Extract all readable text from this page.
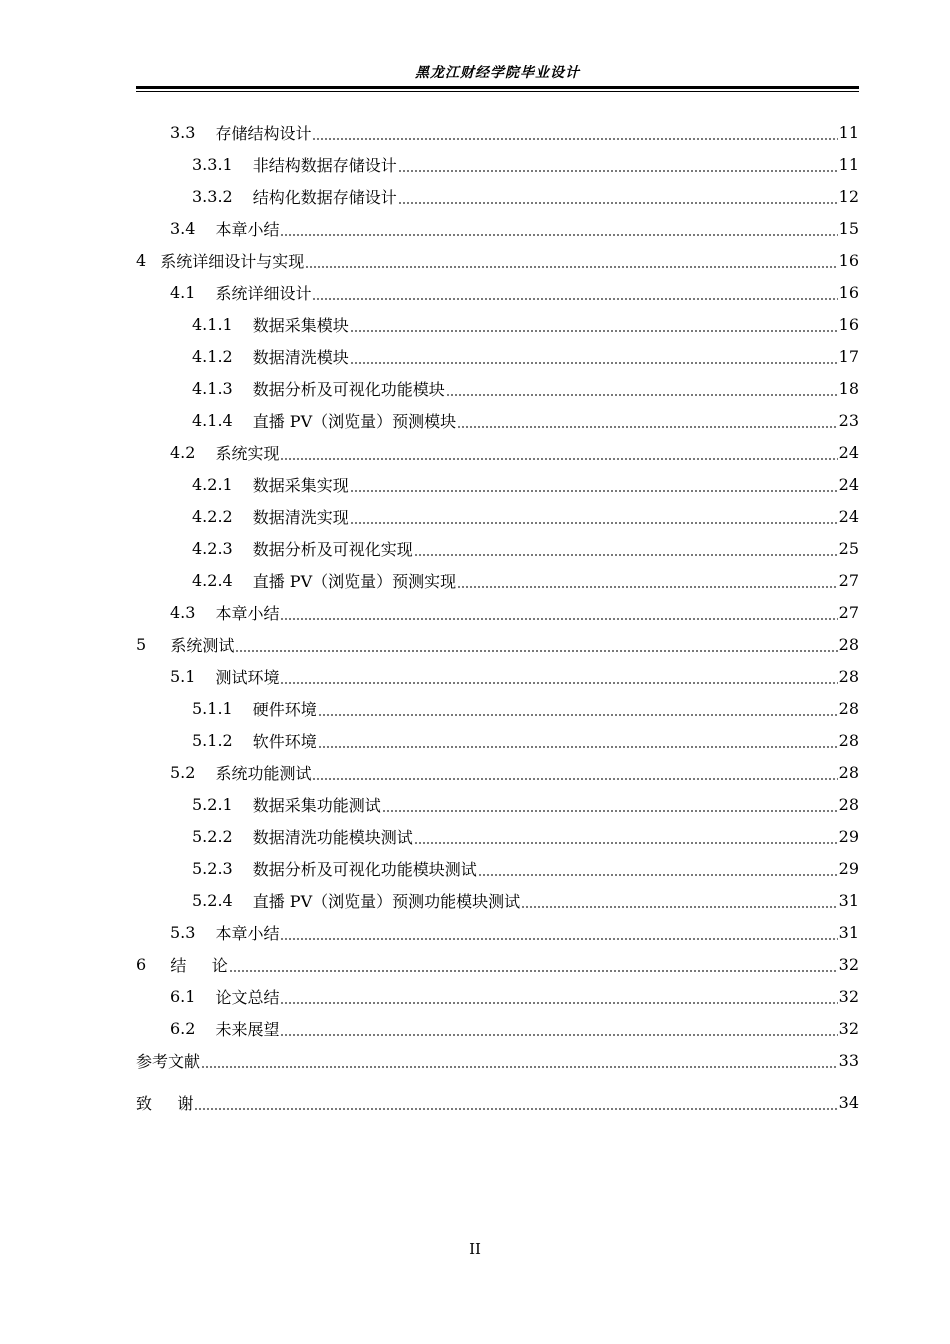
黑龙江财经学院毕业设计
3.3 存储结构设计	11
3.3.1 非结构数据存储设计	11
3.3.2 结构化数据存储设计	12
3.4 本章小结	15
4 系统详细设计与实现	16
4.1 系统详细设计	16
4.1.1 数据采集模块	16
4.1.2 数据清洗模块	17
4.1.3 数据分析及可视化功能模块	18
4.1.4 直播 PV（浏览量）预测模块	23
4.2 系统实现	24
4.2.1 数据采集实现	24
4.2.2 数据清洗实现	24
4.2.3 数据分析及可视化实现	25
4.2.4 直播 PV（浏览量）预测实现	27
4.3 本章小结	27
5 系统测试	28
5.1 测试环境	28
5.1.1 硬件环境	28
5.1.2 软件环境	28
5.2 系统功能测试	28
5.2.1 数据采集功能测试	28
5.2.2 数据清洗功能模块测试	29
5.2.3 数据分析及可视化功能模块测试	29
5.2.4 直播 PV（浏览量）预测功能模块测试	31
5.3 本章小结	31
6 结     论	32
6.1 论文总结	32
6.2 未来展望	32
参考文献	33
致     谢	34
II
